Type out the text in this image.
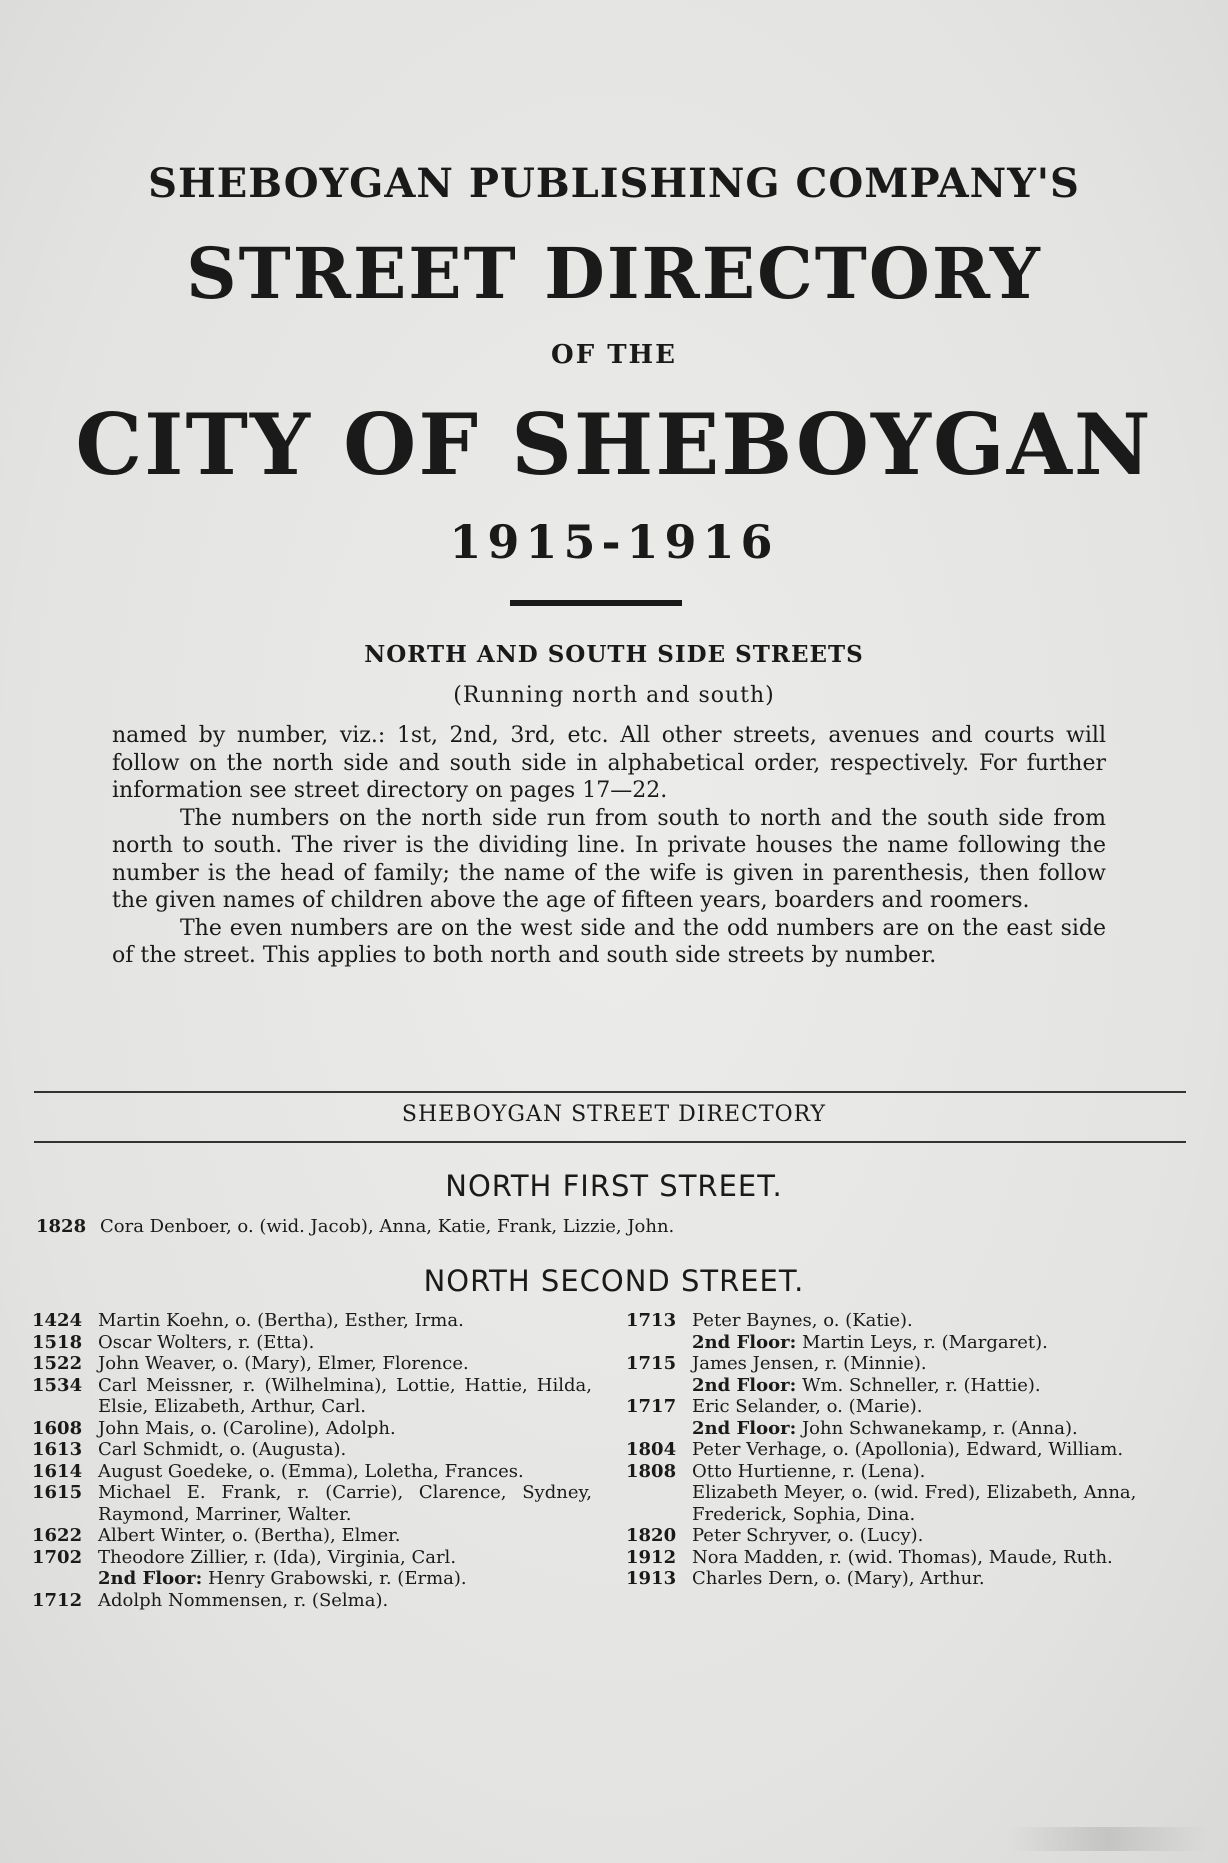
SHEBOYGAN PUBLISHING COMPANY'S
STREET DIRECTORY
OF THE
CITY OF SHEBOYGAN
1915-1916
NORTH AND SOUTH SIDE STREETS
(Running north and south)

named by number, viz.: 1st, 2nd, 3rd, etc. All other streets, avenues and courts will follow on the north side and south side in alphabetical order, respectively. For further information see street directory on pages 17—22.

The numbers on the north side run from south to north and the south side from north to south. The river is the dividing line. In private houses the name following the number is the head of family; the name of the wife is given in parenthesis, then follow the given names of children above the age of fifteen years, boarders and roomers.

The even numbers are on the west side and the odd numbers are on the east side of the street. This applies to both north and south side streets by number.

SHEBOYGAN STREET DIRECTORY
NORTH FIRST STREET.
1828 Cora Denboer, o. (wid. Jacob), Anna, Katie, Frank, Lizzie, John.
NORTH SECOND STREET.
1424 Martin Koehn, o. (Bertha), Esther, Irma.
1518 Oscar Wolters, r. (Etta).
1522 John Weaver, o. (Mary), Elmer, Florence.
1534 Carl Meissner, r. (Wilhelmina), Lottie, Hattie, Hilda, Elsie, Elizabeth, Arthur, Carl.
1608 John Mais, o. (Caroline), Adolph.
1613 Carl Schmidt, o. (Augusta).
1614 August Goedeke, o. (Emma), Loletha, Frances.
1615 Michael E. Frank, r. (Carrie), Clarence, Sydney, Raymond, Marriner, Walter.
1622 Albert Winter, o. (Bertha), Elmer.
1702 Theodore Zillier, r. (Ida), Virginia, Carl.
2nd Floor: Henry Grabowski, r. (Erma).
1712 Adolph Nommensen, r. (Selma).
1713 Peter Baynes, o. (Katie).
2nd Floor: Martin Leys, r. (Margaret).
1715 James Jensen, r. (Minnie).
2nd Floor: Wm. Schneller, r. (Hattie).
1717 Eric Selander, o. (Marie).
2nd Floor: John Schwanekamp, r. (Anna).
1804 Peter Verhage, o. (Apollonia), Edward, William.
1808 Otto Hurtienne, r. (Lena).
Elizabeth Meyer, o. (wid. Fred), Elizabeth, Anna, Frederick, Sophia, Dina.
1820 Peter Schryver, o. (Lucy).
1912 Nora Madden, r. (wid. Thomas), Maude, Ruth.
1913 Charles Dern, o. (Mary), Arthur.
